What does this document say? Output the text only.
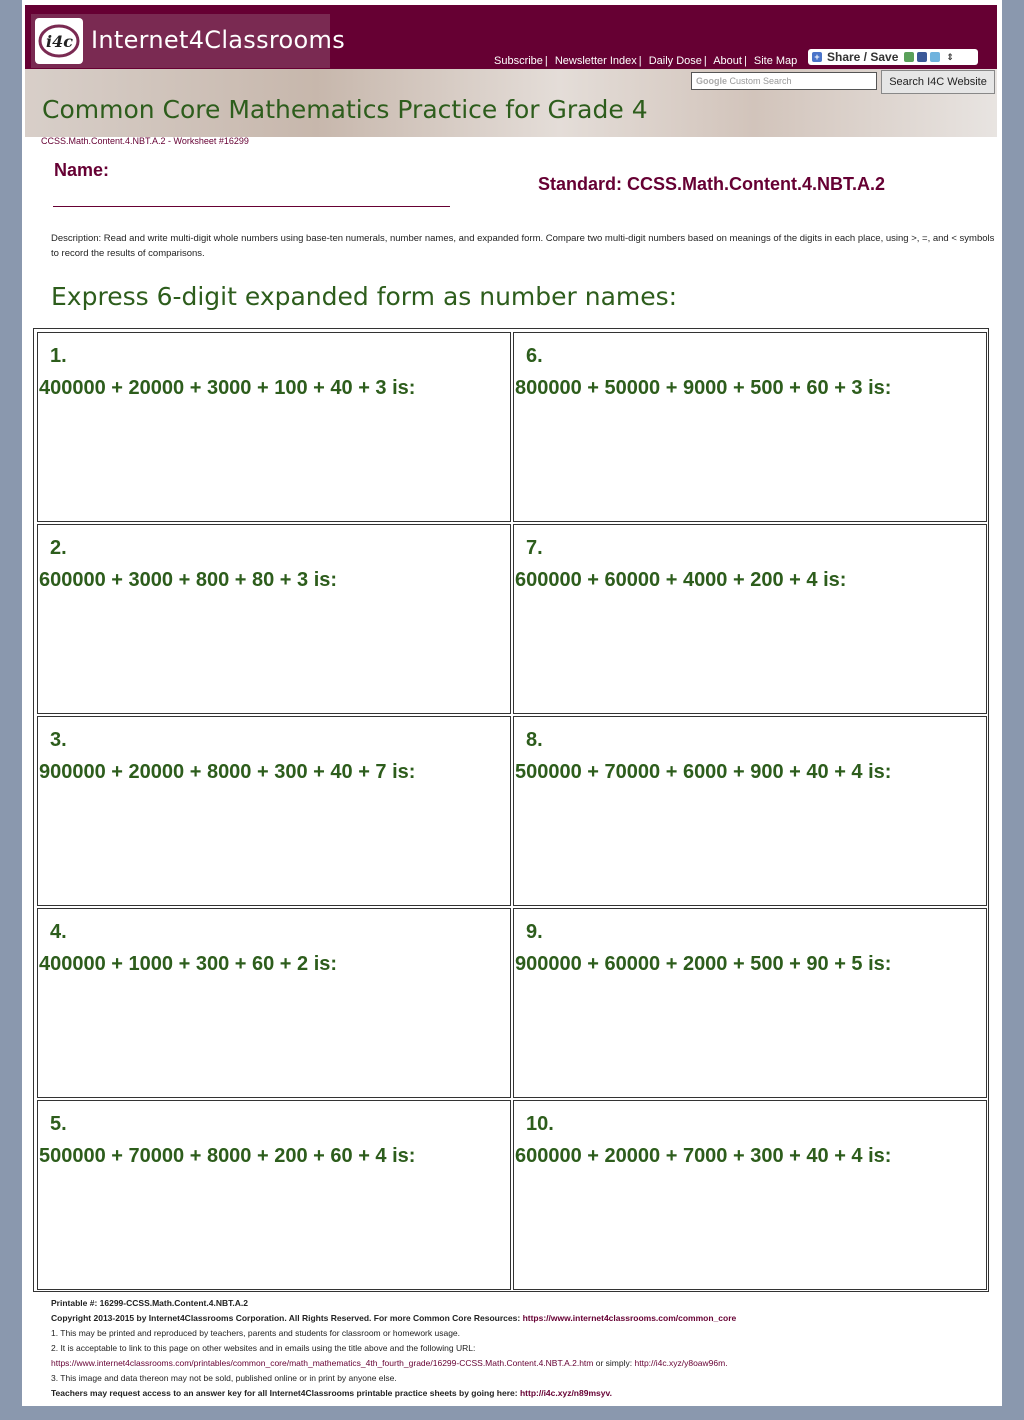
i4c Internet4Classrooms
Subscribe | Newsletter Index | Daily Dose | About | Site Map + Share / Save	⇕
Google Custom Search	Search I4C Website
Common Core Mathematics Practice for Grade 4
CCSS.Math.Content.4.NBT.A.2 - Worksheet #16299
Name:
Standard: CCSS.Math.Content.4.NBT.A.2
Description: Read and write multi-digit whole numbers using base-ten numerals, number names, and expanded form. Compare two multi-digit numbers based on meanings of the digits in each place, using >, =, and < symbols to record the results of comparisons.
Express 6-digit expanded form as number names:
1.
400000 + 20000 + 3000 + 100 + 40 + 3 is:
6.
800000 + 50000 + 9000 + 500 + 60 + 3 is:
2.
600000 + 3000 + 800 + 80 + 3 is:
7.
600000 + 60000 + 4000 + 200 + 4 is:
3.
900000 + 20000 + 8000 + 300 + 40 + 7 is:
8.
500000 + 70000 + 6000 + 900 + 40 + 4 is:
4.
400000 + 1000 + 300 + 60 + 2 is:
9.
900000 + 60000 + 2000 + 500 + 90 + 5 is:
5.
500000 + 70000 + 8000 + 200 + 60 + 4 is:
10.
600000 + 20000 + 7000 + 300 + 40 + 4 is:
Printable #: 16299-CCSS.Math.Content.4.NBT.A.2
Copyright 2013-2015 by Internet4Classrooms Corporation. All Rights Reserved. For more Common Core Resources: https://www.internet4classrooms.com/common_core
1. This may be printed and reproduced by teachers, parents and students for classroom or homework usage.
2. It is acceptable to link to this page on other websites and in emails using the title above and the following URL:
https://www.internet4classrooms.com/printables/common_core/math_mathematics_4th_fourth_grade/16299-CCSS.Math.Content.4.NBT.A.2.htm or simply: http://i4c.xyz/y8oaw96m.
3. This image and data thereon may not be sold, published online or in print by anyone else.
Teachers may request access to an answer key for all Internet4Classrooms printable practice sheets by going here: http://i4c.xyz/n89msyv.
